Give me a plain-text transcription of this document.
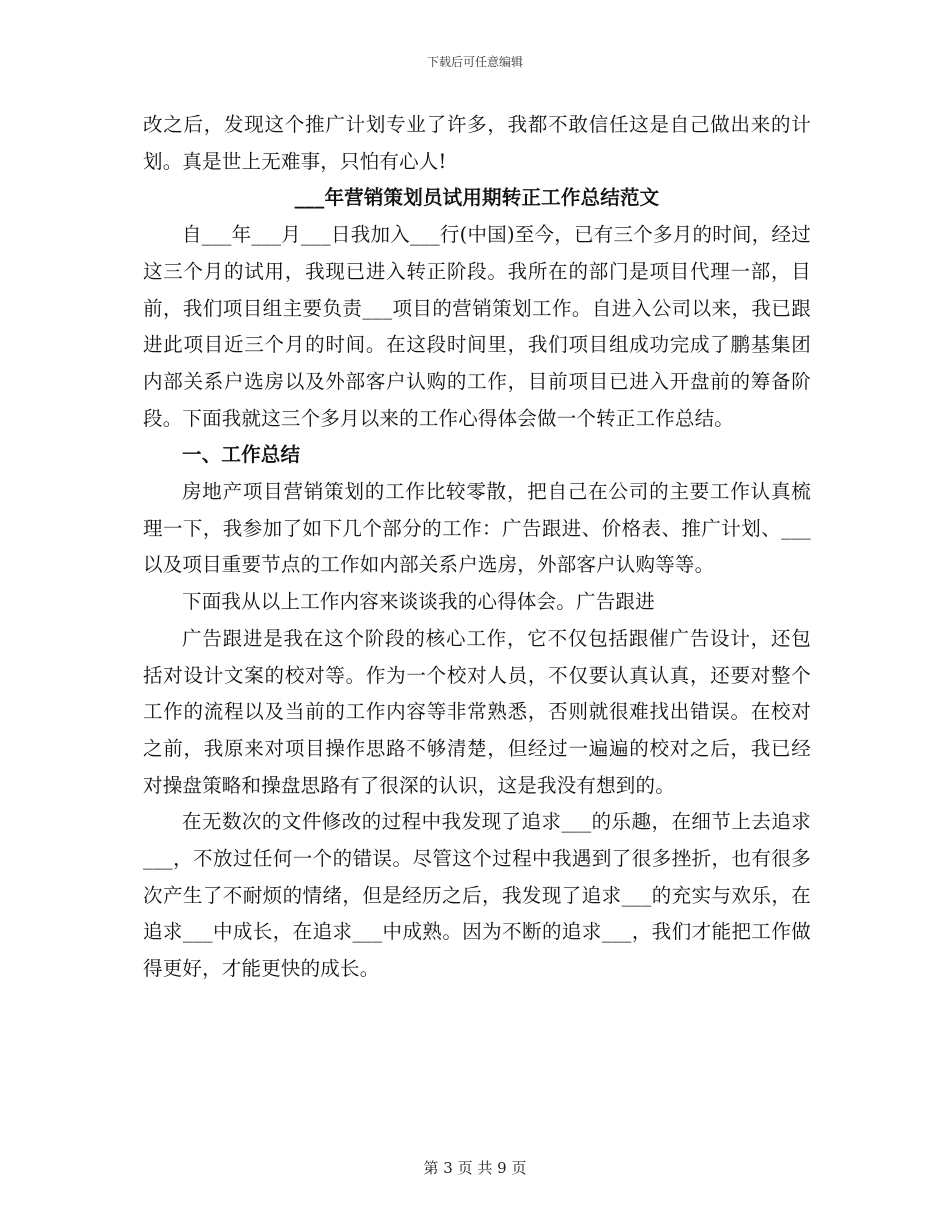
下载后可任意编辑

改之后，发现这个推广计划专业了许多，我都不敢信任这是自己做出来的计划。真是世上无难事，只怕有心人!

___年营销策划员试用期转正工作总结范文

自___年___月___日我加入___行(中国)至今，已有三个多月的时间，经过这三个月的试用，我现已进入转正阶段。我所在的部门是项目代理一部，目前，我们项目组主要负责___项目的营销策划工作。自进入公司以来，我已跟进此项目近三个月的时间。在这段时间里，我们项目组成功完成了鹏基集团内部关系户选房以及外部客户认购的工作，目前项目已进入开盘前的筹备阶段。下面我就这三个多月以来的工作心得体会做一个转正工作总结。

一、工作总结

房地产项目营销策划的工作比较零散，把自己在公司的主要工作认真梳理一下，我参加了如下几个部分的工作：广告跟进、价格表、推广计划、___以及项目重要节点的工作如内部关系户选房，外部客户认购等等。

下面我从以上工作内容来谈谈我的心得体会。广告跟进

广告跟进是我在这个阶段的核心工作，它不仅包括跟催广告设计，还包括对设计文案的校对等。作为一个校对人员，不仅要认真认真，还要对整个工作的流程以及当前的工作内容等非常熟悉，否则就很难找出错误。在校对之前，我原来对项目操作思路不够清楚，但经过一遍遍的校对之后，我已经对操盘策略和操盘思路有了很深的认识，这是我没有想到的。

在无数次的文件修改的过程中我发现了追求___的乐趣，在细节上去追求___，不放过任何一个的错误。尽管这个过程中我遇到了很多挫折，也有很多次产生了不耐烦的情绪，但是经历之后，我发现了追求___的充实与欢乐，在追求___中成长，在追求___中成熟。因为不断的追求___，我们才能把工作做得更好，才能更快的成长。

第 3 页 共 9 页
